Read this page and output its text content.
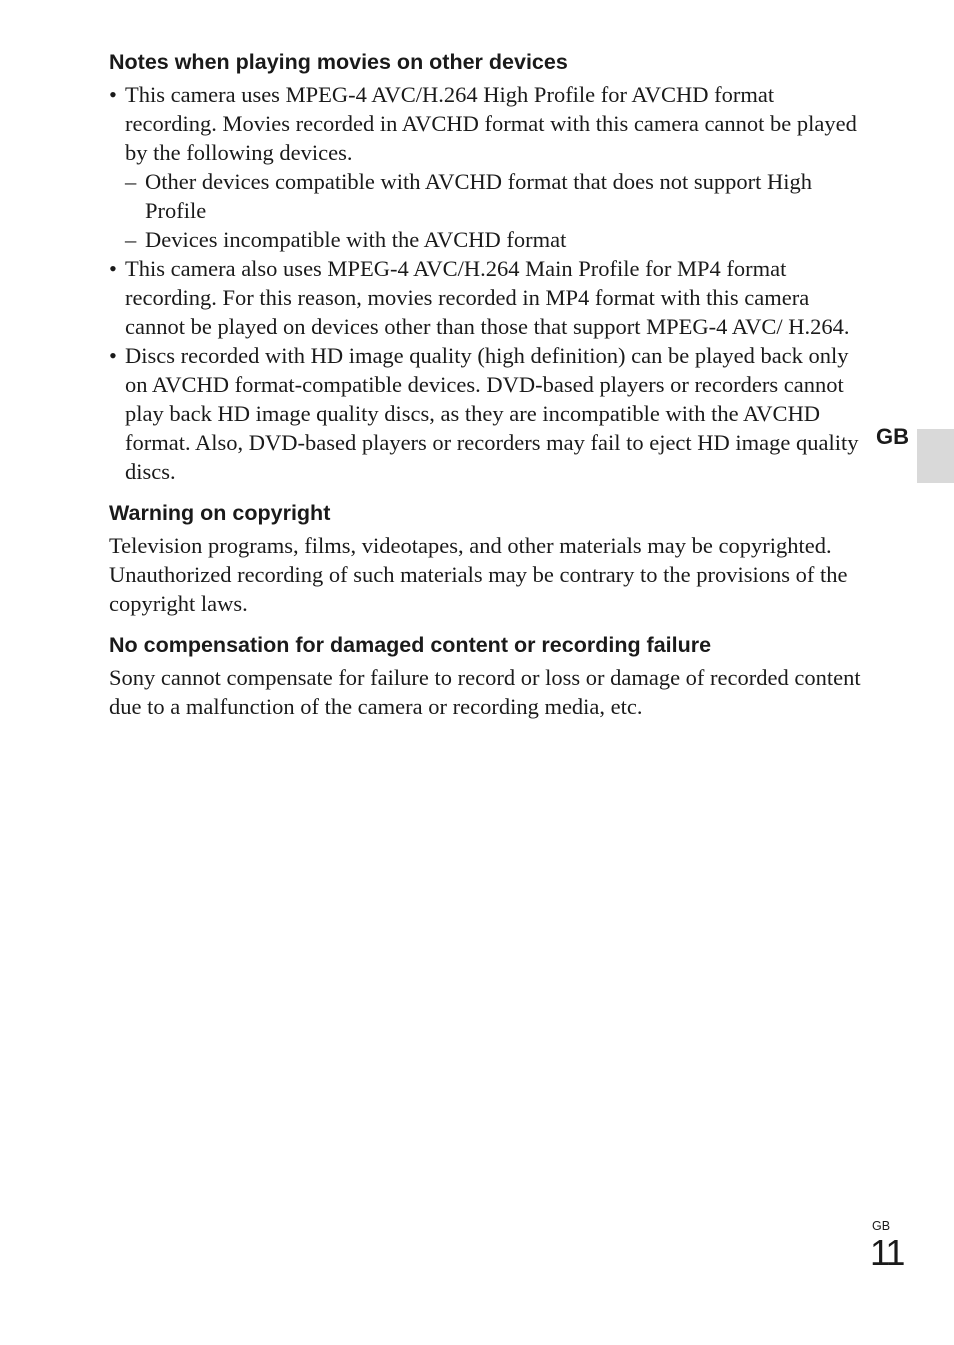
Notes when playing movies on other devices
• This camera uses MPEG-4 AVC/H.264 High Profile for AVCHD format recording. Movies recorded in AVCHD format with this camera cannot be played by the following devices.
– Other devices compatible with AVCHD format that does not support High Profile
– Devices incompatible with the AVCHD format
• This camera also uses MPEG-4 AVC/H.264 Main Profile for MP4 format recording. For this reason, movies recorded in MP4 format with this camera cannot be played on devices other than those that support MPEG-4 AVC/ H.264.
• Discs recorded with HD image quality (high definition) can be played back only on AVCHD format-compatible devices. DVD-based players or recorders cannot play back HD image quality discs, as they are incompatible with the AVCHD format. Also, DVD-based players or recorders may fail to eject HD image quality discs.
Warning on copyright

Television programs, films, videotapes, and other materials may be copyrighted. Unauthorized recording of such materials may be contrary to the provisions of the copyright laws.

No compensation for damaged content or recording failure

Sony cannot compensate for failure to record or loss or damage of recorded content due to a malfunction of the camera or recording media, etc.

GB
GB
11
